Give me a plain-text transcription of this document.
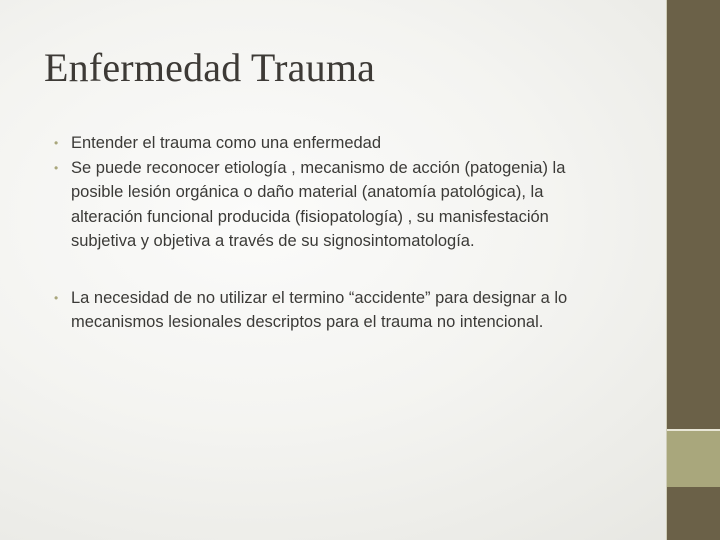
Enfermedad Trauma
• Entender el trauma como una enfermedad
• Se puede reconocer etiología , mecanismo de acción (patogenia) la posible lesión orgánica o daño material (anatomía patológica), la alteración funcional producida (fisiopatología) , su manisfestación subjetiva y objetiva a través de su signosintomatología.
• La necesidad de no utilizar el termino “accidente” para designar a lo mecanismos lesionales descriptos para el trauma no intencional.
